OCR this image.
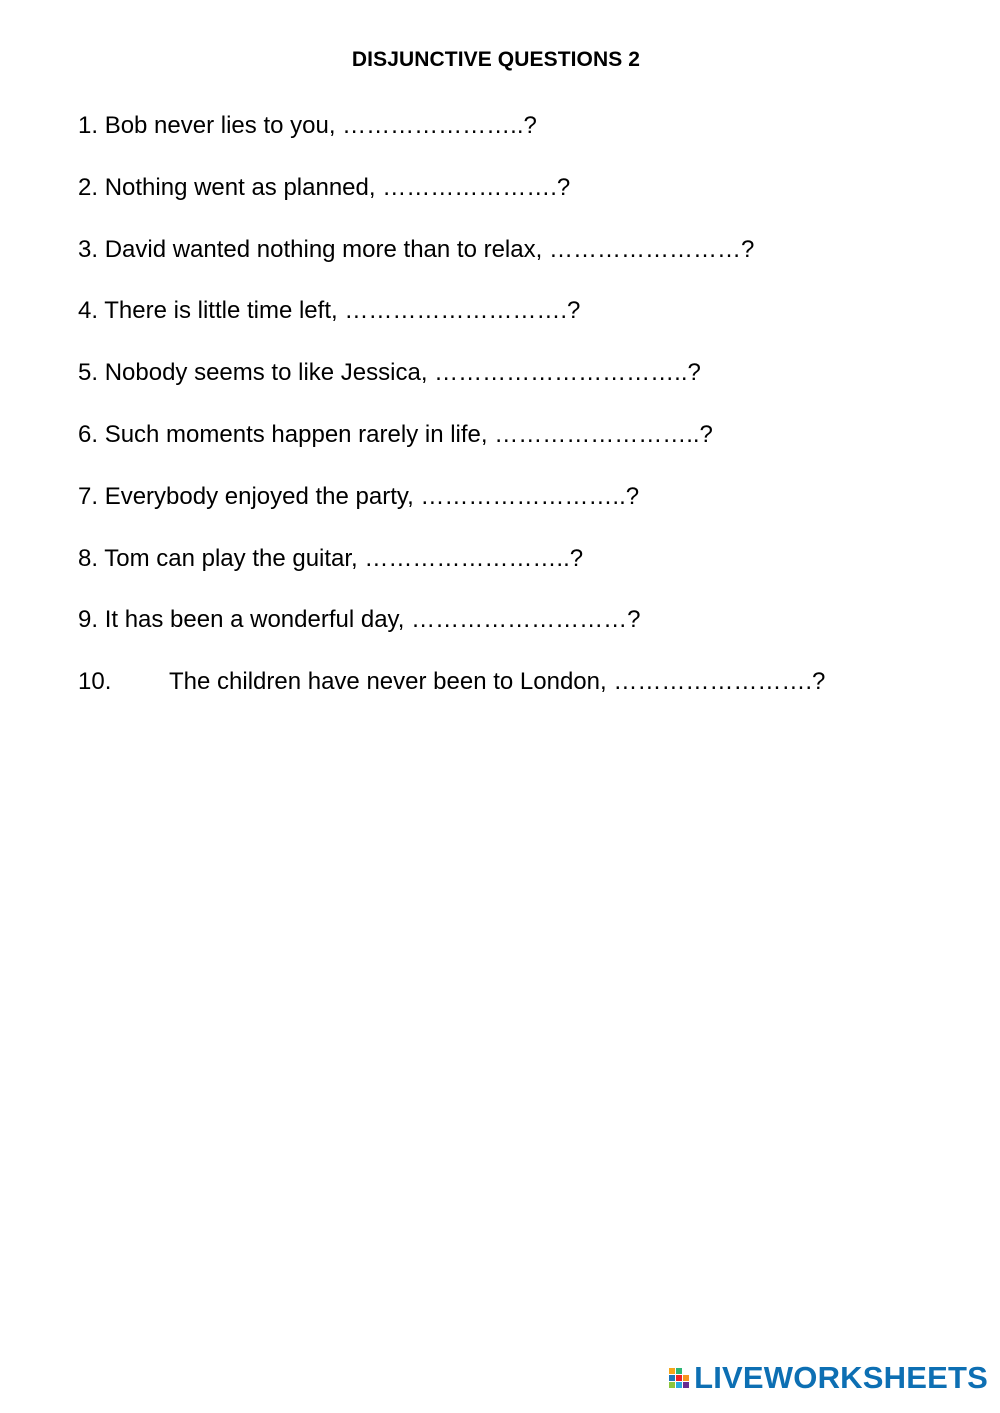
DISJUNCTIVE QUESTIONS 2
1. Bob never lies to you, …………………..?
2. Nothing went as planned, ………………….?
3. David wanted nothing more than to relax, ……………………?
4. There is little time left, ……………………….?
5. Nobody seems to like Jessica, …………………………..?
6. Such moments happen rarely in life, ……………………..?
7. Everybody enjoyed the party, ……………………..?
8. Tom can play the guitar, ……………………..?
9. It has been a wonderful day, ………………………?
10. The children have never been to London, …………………….?
LIVEWORKSHEETS
